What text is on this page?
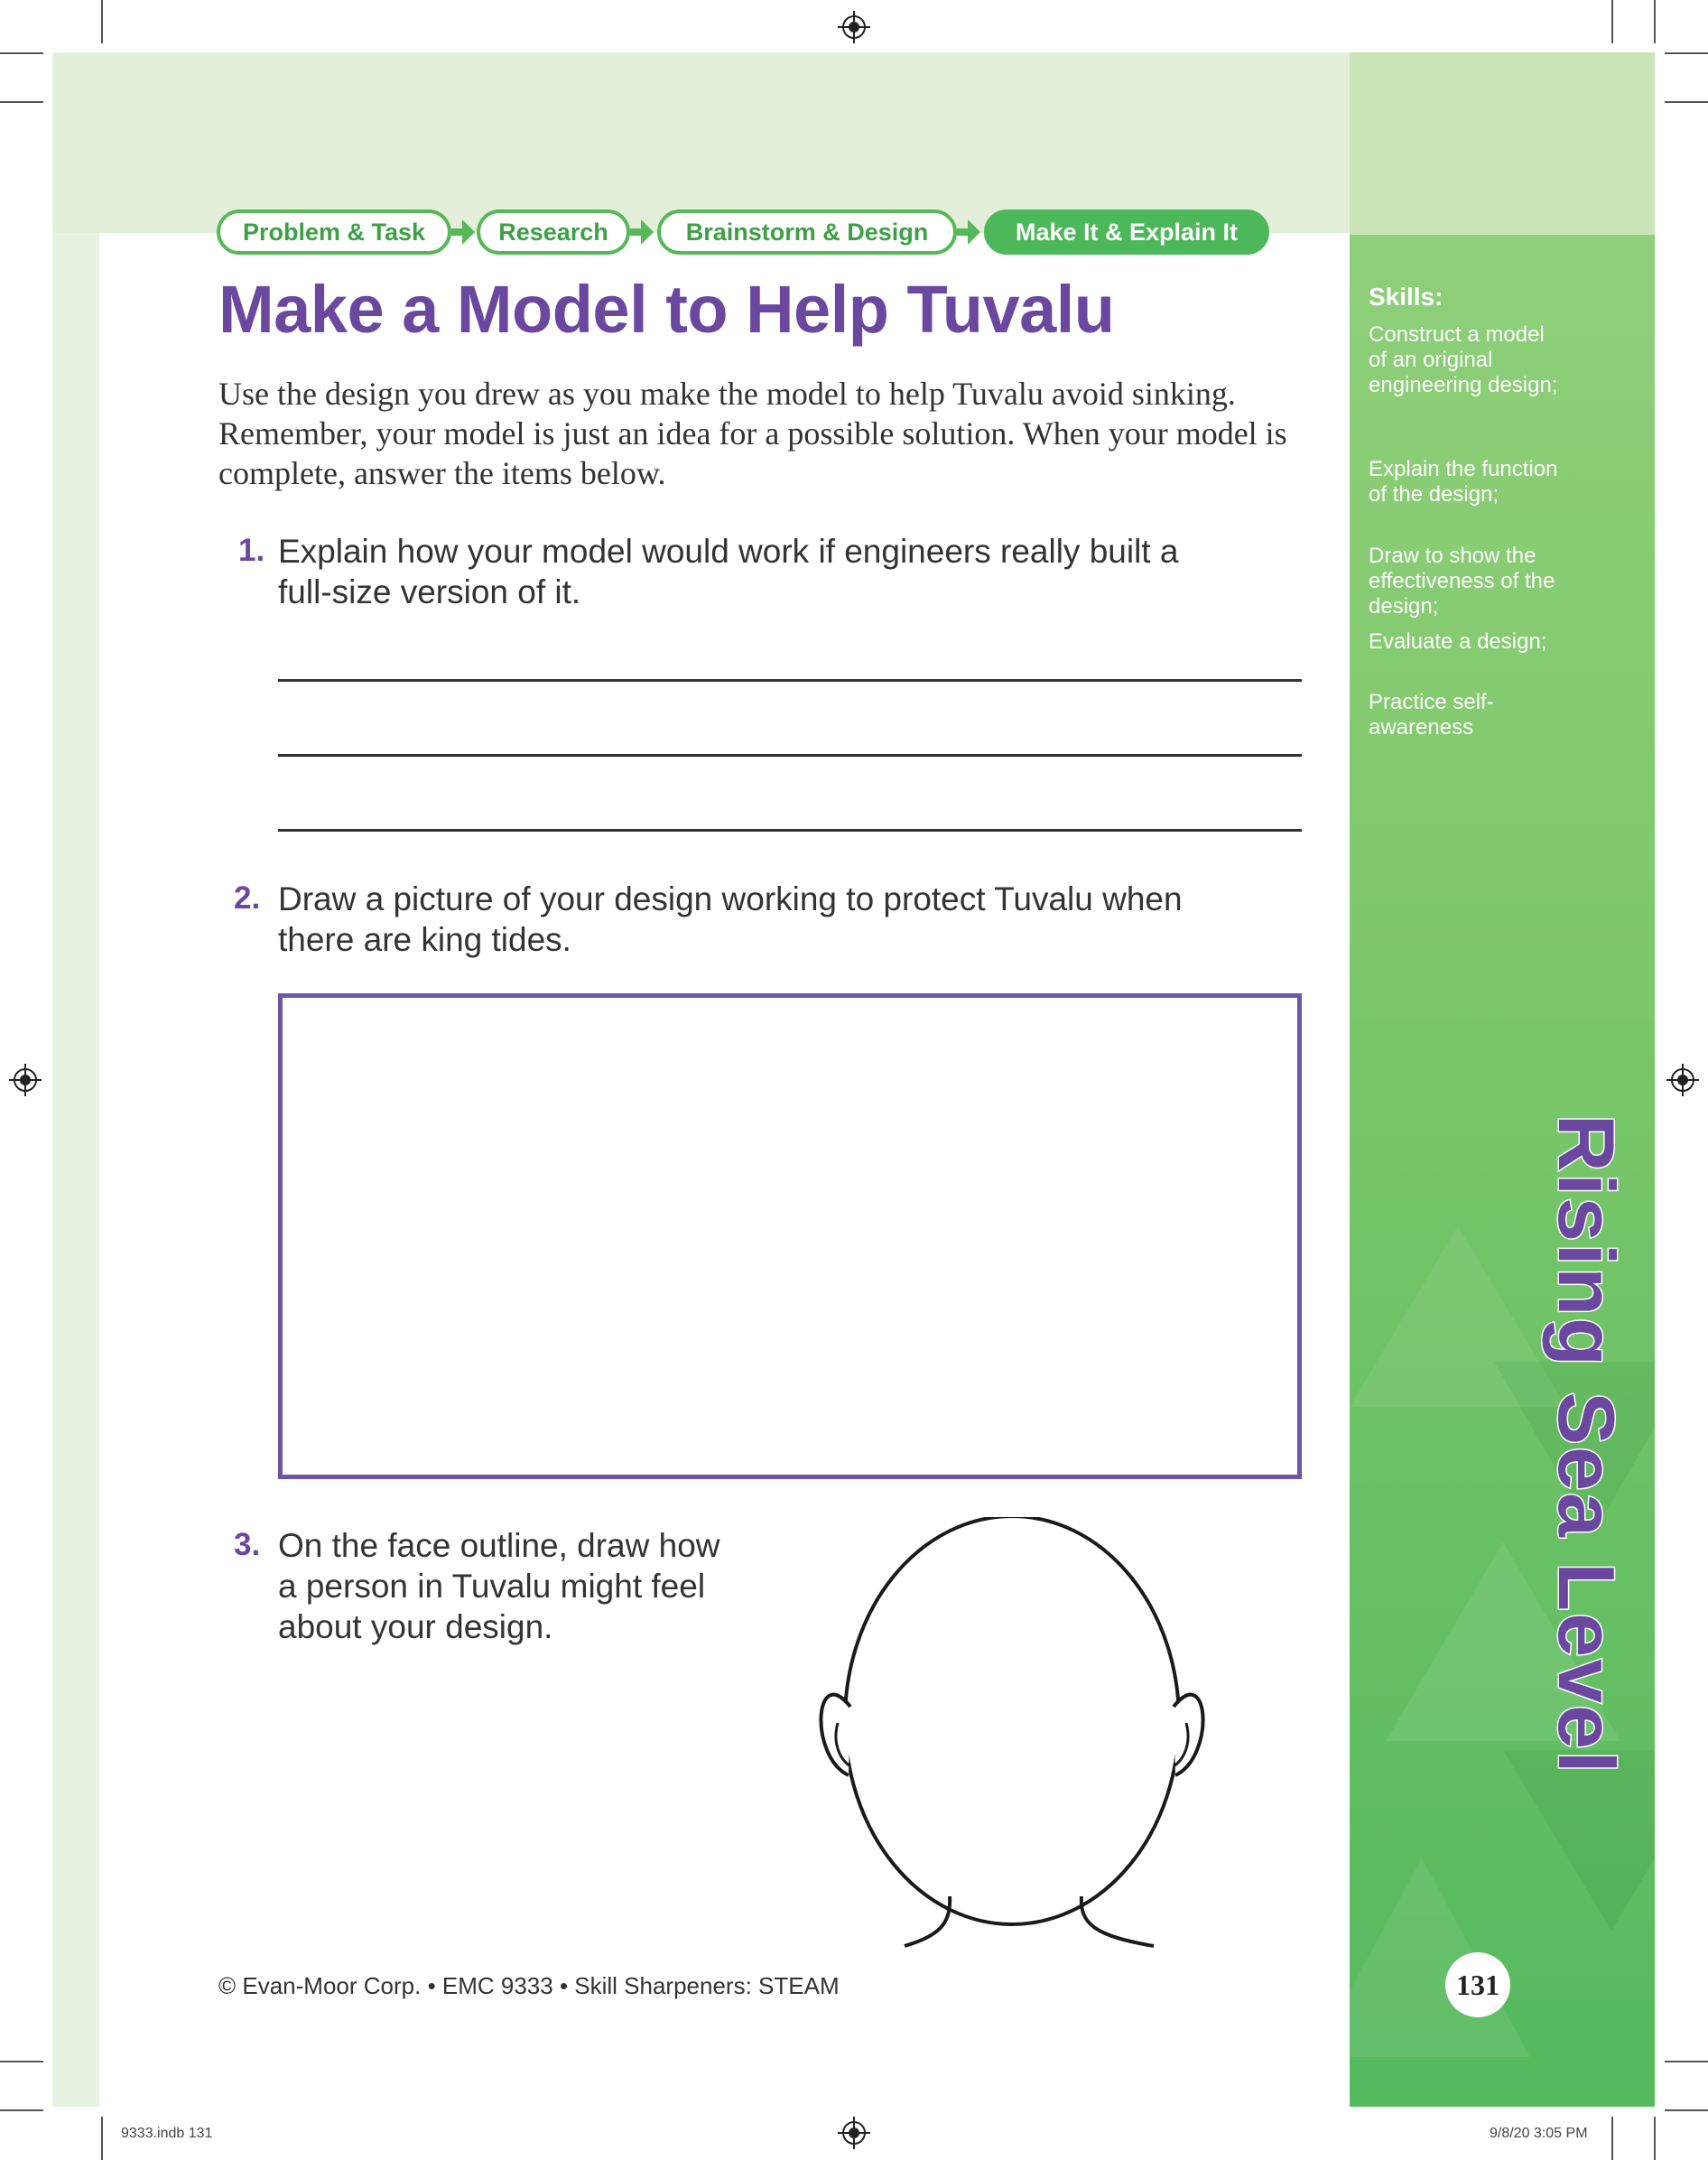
Problem & Task	Research	Brainstorm & Design	Make It & Explain It
Make a Model to Help Tuvalu
Use the design you drew as you make the model to help Tuvalu avoid sinking. Remember, your model is just an idea for a possible solution. When your model is complete, answer the items below.
1. Explain how your model would work if engineers really built a full-size version of it.
2. Draw a picture of your design working to protect Tuvalu when there are king tides.
3. On the face outline, draw how a person in Tuvalu might feel about your design.
© Evan-Moor Corp. • EMC 9333 • Skill Sharpeners: STEAM
Skills:
Construct a model of an original engineering design;
Explain the function of the design;
Draw to show the effectiveness of the design;
Evaluate a design;
Practice self-awareness
Rising Sea Level
131
9333.indb 131	9/8/20 3:05 PM
